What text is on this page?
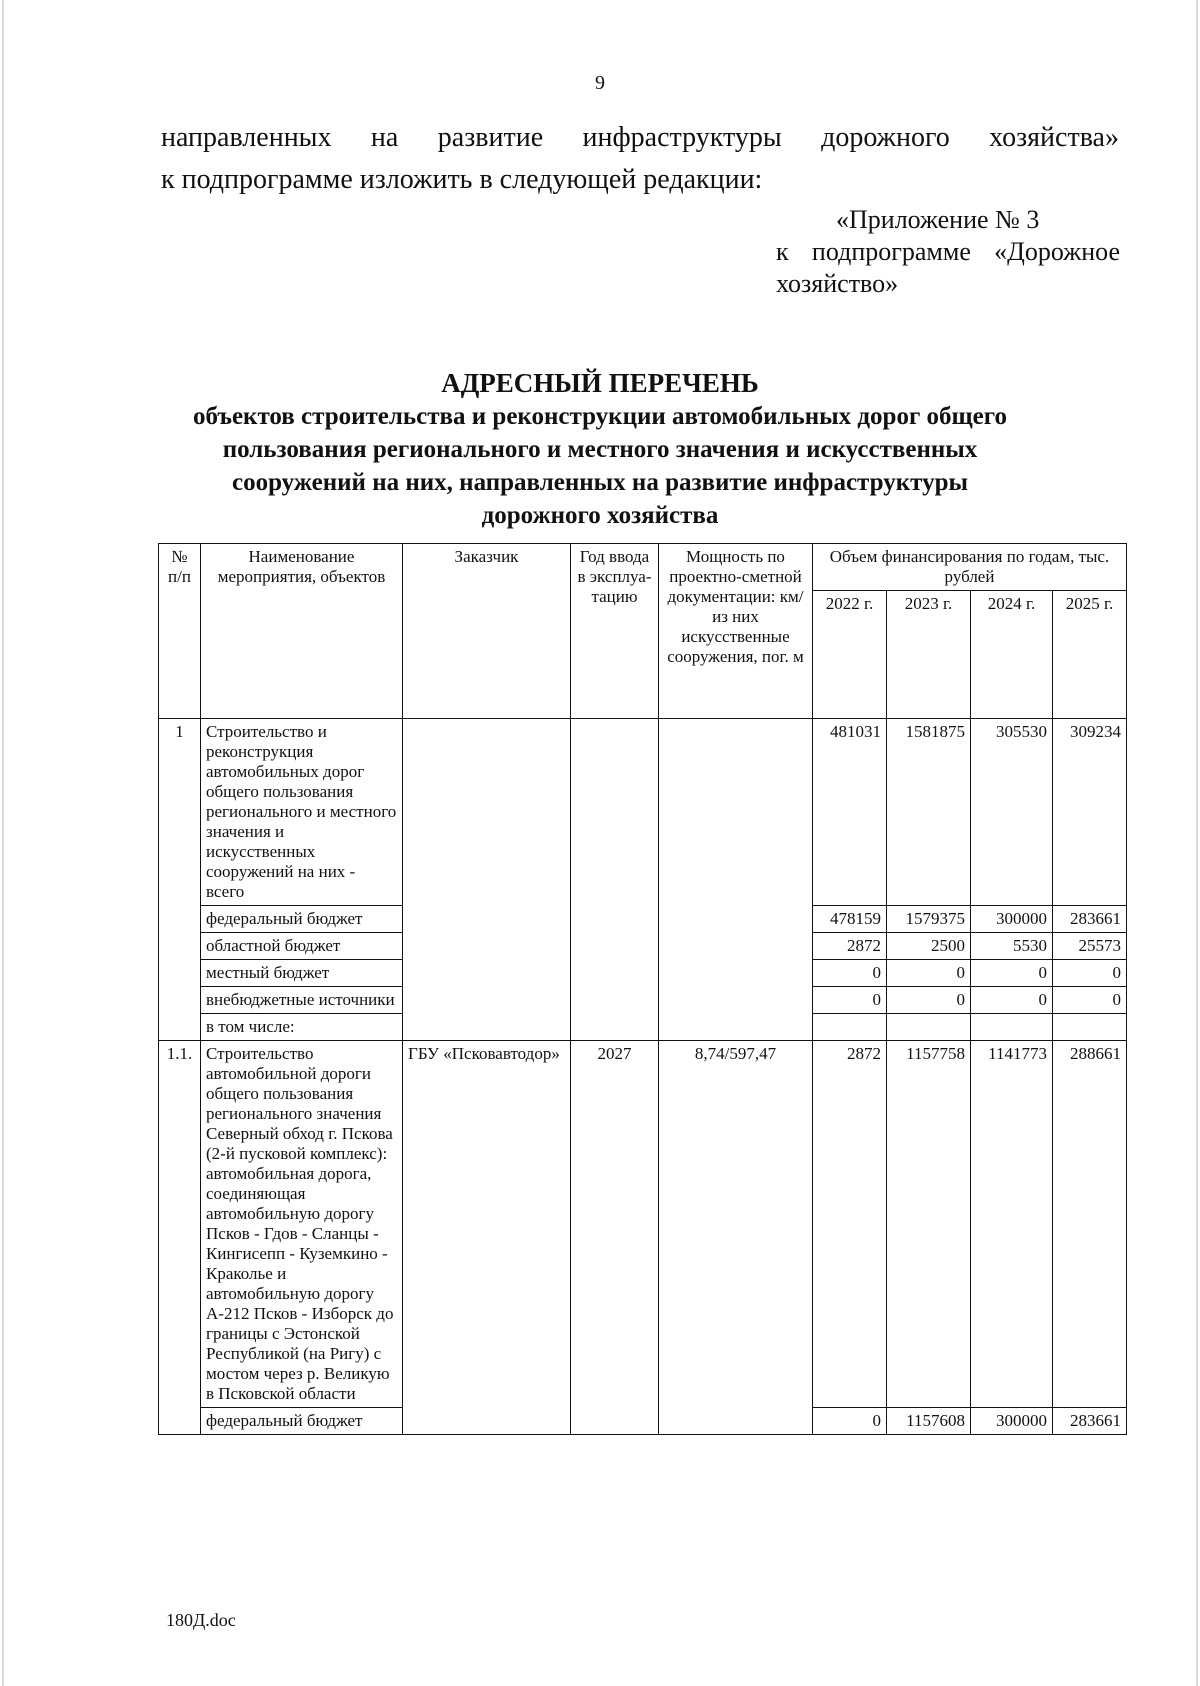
9

направленных на развитие инфраструктуры дорожного хозяйства»

к подпрограмме изложить в следующей редакции:

«Приложение № 3
к подпрограмме «Дорожное
хозяйство»
АДРЕСНЫЙ ПЕРЕЧЕНЬ
объектов строительства и реконструкции автомобильных дорог общего
пользования регионального и местного значения и искусственных
сооружений на них, направленных на развитие инфраструктуры
дорожного хозяйства
№ п/п	Наименование мероприятия, объектов	Заказчик	Год ввода в эксплуа-тацию	Мощность по проектно-сметной документации: км/из них искусственные сооружения, пог. м	Объем финансирования по годам, тыс. рублей			
					2022 г.	2023 г.	2024 г.	2025 г.
1	Строительство и реконструкция автомобильных дорог общего пользования регионального и местного значения и искусственных сооружений на них - всего				481031	1581875	305530	309234
	федеральный бюджет				478159	1579375	300000	283661
	областной бюджет				2872	2500	5530	25573
	местный бюджет				0	0	0	0
	внебюджетные источники				0	0	0	0
	в том числе:							
1.1.	Строительство автомобильной дороги общего пользования регионального значения Северный обход г. Пскова (2-й пусковой комплекс): автомобильная дорога, соединяющая автомобильную дорогу Псков - Гдов - Сланцы - Кингисепп - Куземкино - Краколье и автомобильную дорогу А-212 Псков - Изборск до границы с Эстонской Республикой (на Ригу) с мостом через р. Великую в Псковской области	ГБУ «Псковавтодор»	2027	8,74/597,47	2872	1157758	1141773	288661
	федеральный бюджет				0	1157608	300000	283661
180Д.doc
